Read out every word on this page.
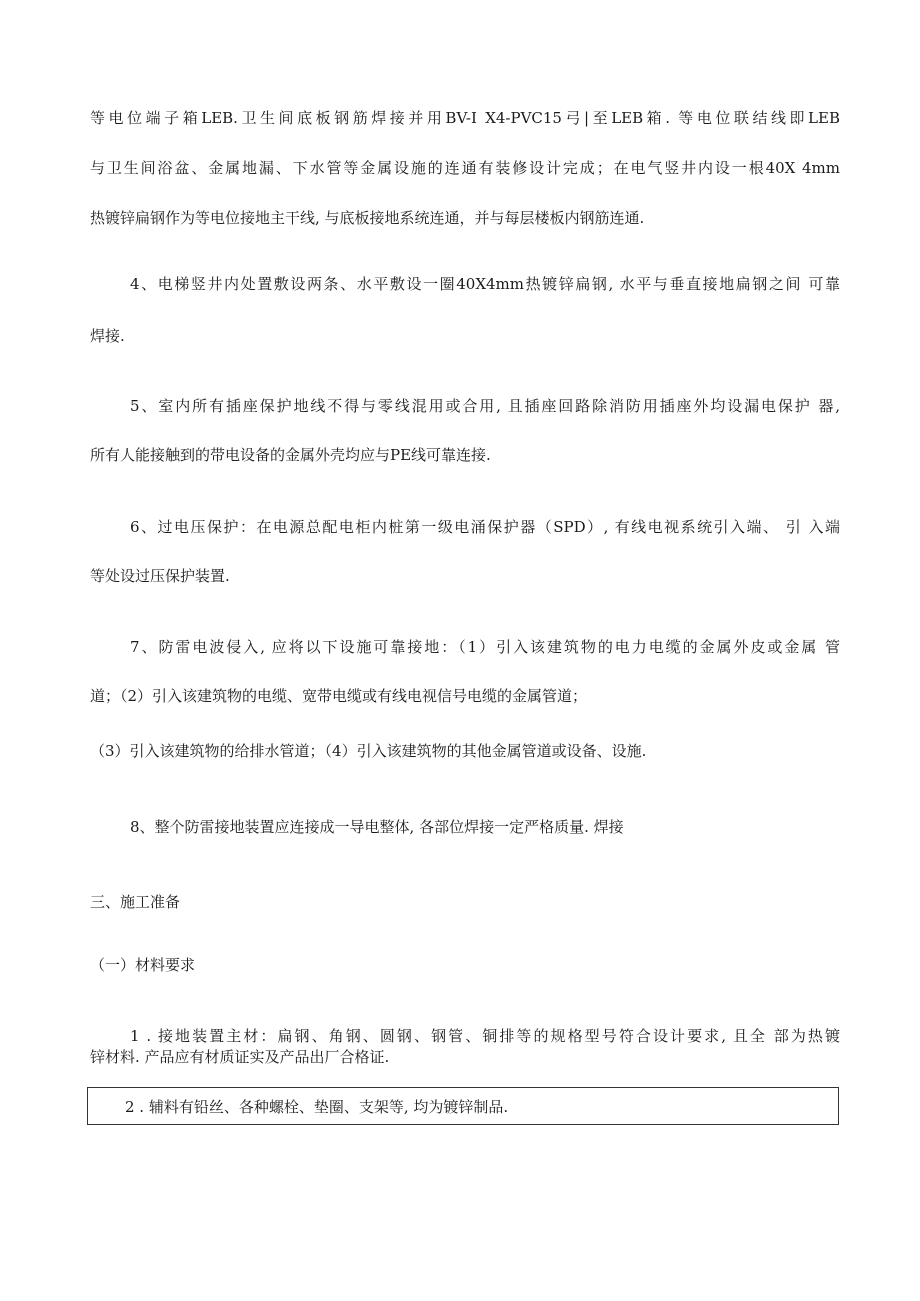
等电位端子箱LEB.卫生间底板钢筋焊接并用BV-I X4-PVC15弓|至LEB箱. 等电位联结线即LEB
与卫生间浴盆、金属地漏、下水管等金属设施的连通有装修设计完成；在电气竖井内设一根40X 4mm
热镀锌扁钢作为等电位接地主干线, 与底板接地系统连通，并与每层楼板内钢筋连通.
4、电梯竖井内处置敷设两条、水平敷设一圈40X4mm热镀锌扁钢, 水平与垂直接地扁钢之间 可靠
焊接.
5、室内所有插座保护地线不得与零线混用或合用, 且插座回路除消防用插座外均设漏电保护 器,
所有人能接触到的带电设备的金属外壳均应与PE线可靠连接.
6、过电压保护：在电源总配电柜内桩第一级电涌保护器（SPD）, 有线电视系统引入端、 引 入端
等处设过压保护装置.
7、防雷电波侵入, 应将以下设施可靠接地：（1）引入该建筑物的电力电缆的金属外皮或金属 管
道；（2）引入该建筑物的电缆、宽带电缆或有线电视信号电缆的金属管道；
（3）引入该建筑物的给排水管道；（4）引入该建筑物的其他金属管道或设备、设施.
8、整个防雷接地装置应连接成一导电整体, 各部位焊接一定严格质量. 焊接
三、施工准备
（一）材料要求
1 . 接地装置主材：扁钢、角钢、圆钢、钢管、铜排等的规格型号符合设计要求, 且全 部为热镀
锌材料. 产品应有材质证实及产品出厂合格证.
2 . 辅料有铅丝、各种螺栓、垫圈、支架等, 均为镀锌制品.
